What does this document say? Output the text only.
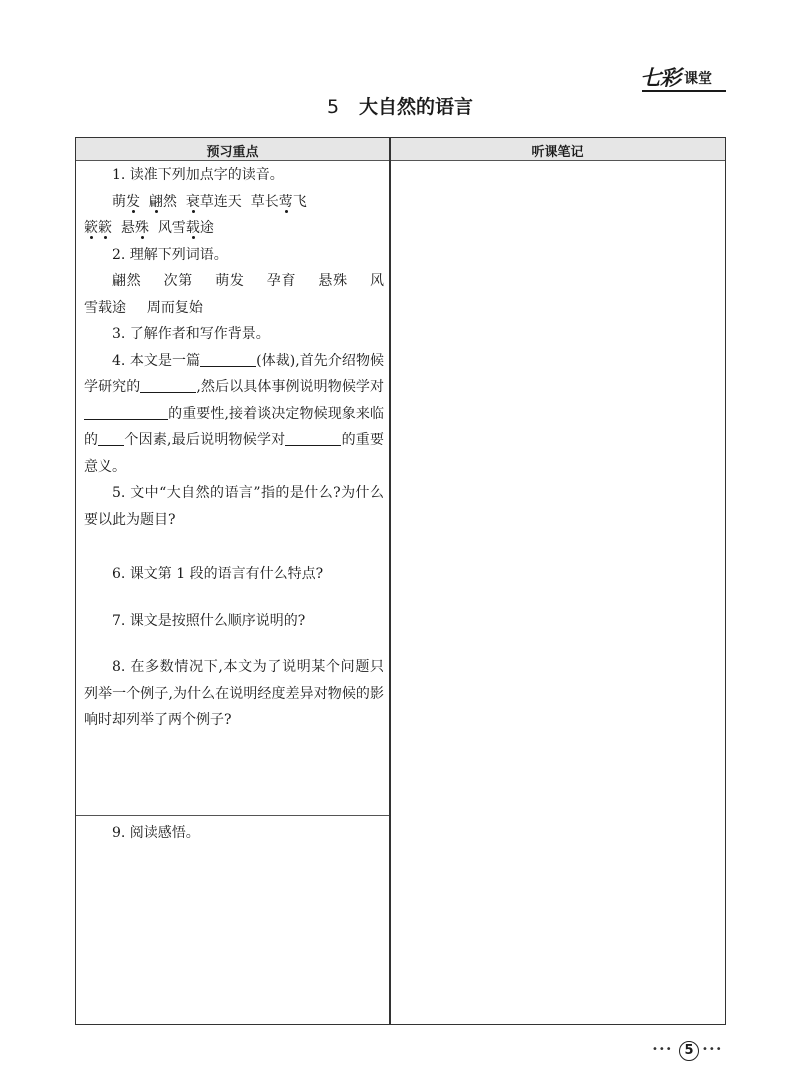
七彩 课堂
5 大自然的语言
预习重点	听课笔记

1. 读准下列加点字的读音。

萌发 翩然 衰草连天 草长莺飞

簌簌 悬殊 风雪载途

2. 理解下列词语。

翩然  次第  萌发  孕育  悬殊  风雪载途  周而复始

3. 了解作者和写作背景。

4. 本文是一篇	(体裁),首先介绍物候学研究的	,然后以具体事例说明物候学对的重要性,接着谈决定物候现象来临的 个因素,最后说明物候学对	的重要意义。

5. 文中“大自然的语言”指的是什么?为什么要以此为题目?

6. 课文第 1 段的语言有什么特点?

7. 课文是按照什么顺序说明的?

8. 在多数情况下,本文为了说明某个问题只列举一个例子,为什么在说明经度差异对物候的影响时却列举了两个例子?

9. 阅读感悟。

••• 5 •••
